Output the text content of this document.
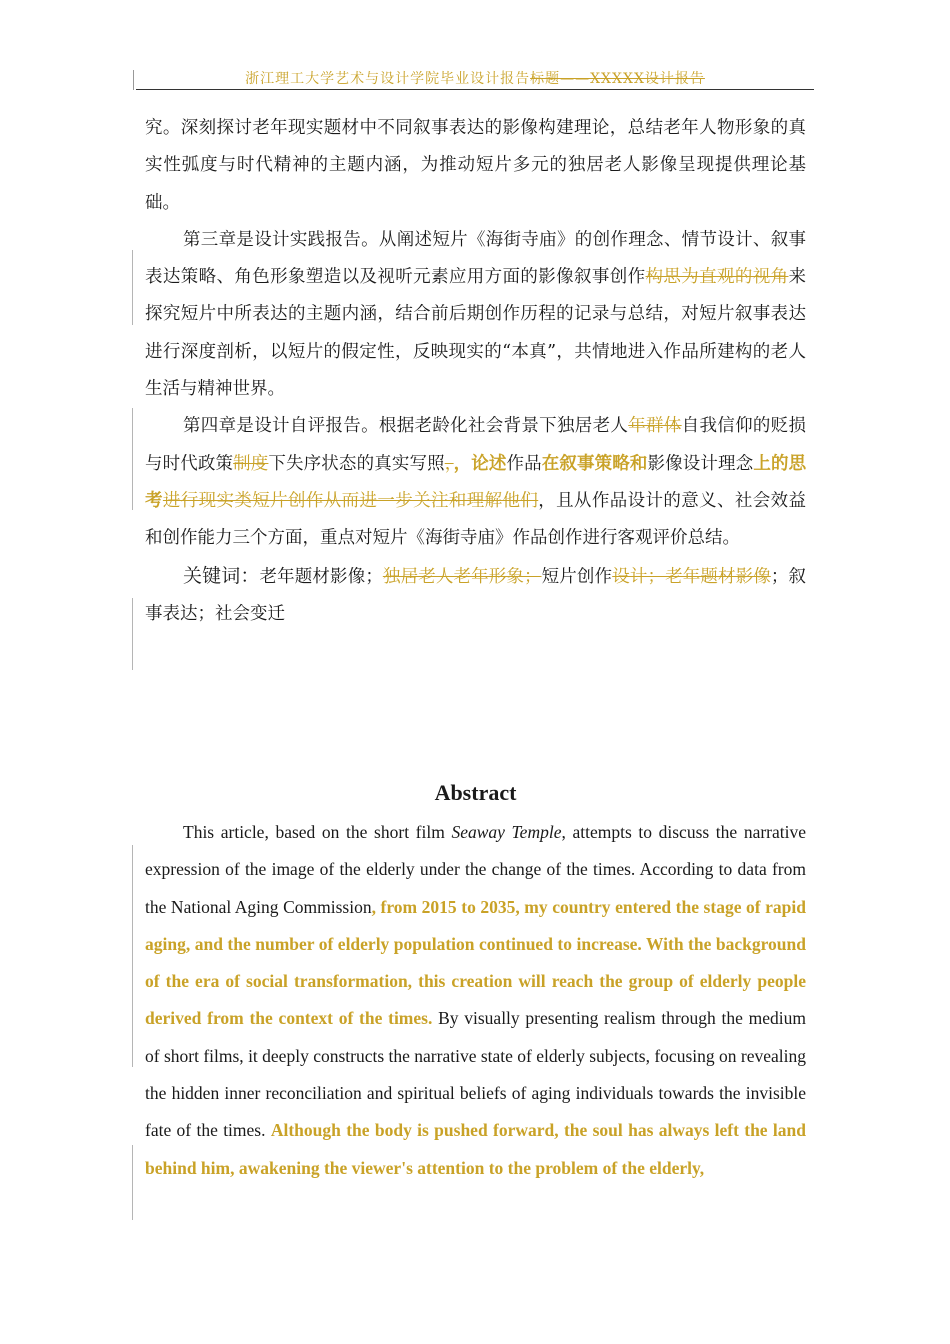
浙江理工大学艺术与设计学院毕业设计报告标题——XXXXX设计报告

究。深刻探讨老年现实题材中不同叙事表达的影像构建理论，总结老年人物形象的真实性弧度与时代精神的主题内涵，为推动短片多元的独居老人影像呈现提供理论基础。

第三章是设计实践报告。从阐述短片《海街寺庙》的创作理念、情节设计、叙事表达策略、角色形象塑造以及视听元素应用方面的影像叙事创作构思为直观的视角来探究短片中所表达的主题内涵，结合前后期创作历程的记录与总结，对短片叙事表达进行深度剖析，以短片的假定性，反映现实的“本真”，共情地进入作品所建构的老人生活与精神世界。

第四章是设计自评报告。根据老龄化社会背景下独居老人年群体自我信仰的贬损与时代政策制度下失序状态的真实写照，，论述作品在叙事策略和影像设计理念上的思考进行现实类短片创作从而进一步关注和理解他们，且从作品设计的意义、社会效益和创作能力三个方面，重点对短片《海街寺庙》作品创作进行客观评价总结。

关键词：老年题材影像；独居老人老年形象；短片创作设计；老年题材影像；叙事表达；社会变迁

Abstract

This article, based on the short film Seaway Temple, attempts to discuss the narrative expression of the image of the elderly under the change of the times. According to data from the National Aging Commission, from 2015 to 2035, my country entered the stage of rapid aging, and the number of elderly population continued to increase. With the background of the era of social transformation, this creation will reach the group of elderly people derived from the context of the times. By visually presenting realism through the medium of short films, it deeply constructs the narrative state of elderly subjects, focusing on revealing the hidden inner reconciliation and spiritual beliefs of aging individuals towards the invisible fate of the times. Although the body is pushed forward, the soul has always left the land behind him, awakening the viewer's attention to the problem of the elderly,
